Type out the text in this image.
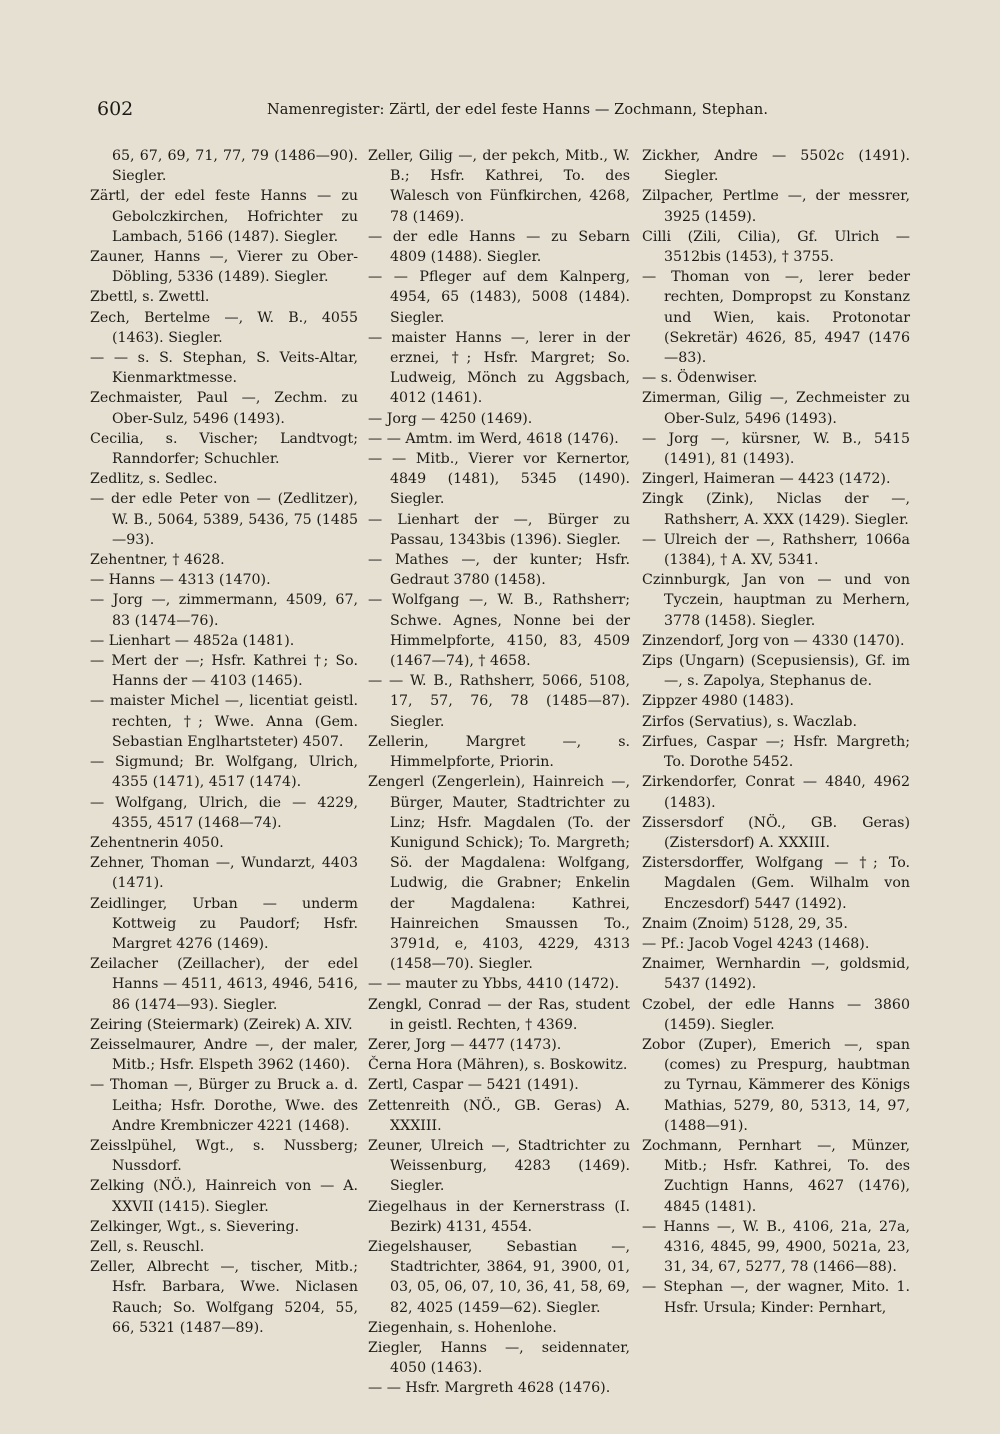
602	Namenregister: Zärtl, der edel feste Hanns — Zochmann, Stephan.

65, 67, 69, 71, 77, 79 (1486—90). Siegler.

Zärtl, der edel feste Hanns — zu Gebolczkirchen, Hofrichter zu Lambach, 5166 (1487). Siegler.

Zauner, Hanns —, Vierer zu Ober-Döbling, 5336 (1489). Siegler.

Zbettl, s. Zwettl.

Zech, Bertelme —, W. B., 4055 (1463). Siegler.

— — s. S. Stephan, S. Veits-Altar, Kienmarktmesse.

Zechmaister, Paul —, Zechm. zu Ober-Sulz, 5496 (1493).

Cecilia, s. Vischer; Landtvogt; Ranndorfer; Schuchler.

Zedlitz, s. Sedlec.

— der edle Peter von — (Zedlitzer), W. B., 5064, 5389, 5436, 75 (1485—93).

Zehentner, † 4628.

— Hanns — 4313 (1470).

— Jorg —, zimmermann, 4509, 67, 83 (1474—76).

— Lienhart — 4852a (1481).

— Mert der —; Hsfr. Kathrei †; So. Hanns der — 4103 (1465).

— maister Michel —, licentiat geistl. rechten, †; Wwe. Anna (Gem. Sebastian Englhartsteter) 4507.

— Sigmund; Br. Wolfgang, Ulrich, 4355 (1471), 4517 (1474).

— Wolfgang, Ulrich, die — 4229, 4355, 4517 (1468—74).

Zehentnerin 4050.

Zehner, Thoman —, Wundarzt, 4403 (1471).

Zeidlinger, Urban — underm Kottweig zu Paudorf; Hsfr. Margret 4276 (1469).

Zeilacher (Zeillacher), der edel Hanns — 4511, 4613, 4946, 5416, 86 (1474—93). Siegler.

Zeiring (Steiermark) (Zeirek) A. XIV.

Zeisselmaurer, Andre —, der maler, Mitb.; Hsfr. Elspeth 3962 (1460).

— Thoman —, Bürger zu Bruck a. d. Leitha; Hsfr. Dorothe, Wwe. des Andre Krembniczer 4221 (1468).

Zeisslpühel, Wgt., s. Nussberg; Nussdorf.

Zelking (NÖ.), Hainreich von — A. XXVII (1415). Siegler.

Zelkinger, Wgt., s. Sievering.

Zell, s. Reuschl.

Zeller, Albrecht —, tischer, Mitb.; Hsfr. Barbara, Wwe. Niclasen Rauch; So. Wolfgang 5204, 55, 66, 5321 (1487—89).

Zeller, Gilig —, der pekch, Mitb., W. B.; Hsfr. Kathrei, To. des Walesch von Fünfkirchen, 4268, 78 (1469).

— der edle Hanns — zu Sebarn 4809 (1488). Siegler.

— — Pfleger auf dem Kalnperg, 4954, 65 (1483), 5008 (1484). Siegler.

— maister Hanns —, lerer in der erznei, †; Hsfr. Margret; So. Ludweig, Mönch zu Aggsbach, 4012 (1461).

— Jorg — 4250 (1469).

— — Amtm. im Werd, 4618 (1476).

— — Mitb., Vierer vor Kernertor, 4849 (1481), 5345 (1490). Siegler.

— Lienhart der —, Bürger zu Passau, 1343bis (1396). Siegler.

— Mathes —, der kunter; Hsfr. Gedraut 3780 (1458).

— Wolfgang —, W. B., Rathsherr; Schwe. Agnes, Nonne bei der Himmelpforte, 4150, 83, 4509 (1467—74), † 4658.

— — W. B., Rathsherr, 5066, 5108, 17, 57, 76, 78 (1485—87). Siegler.

Zellerin, Margret —, s. Himmelpforte, Priorin.

Zengerl (Zengerlein), Hainreich —, Bürger, Mauter, Stadtrichter zu Linz; Hsfr. Magdalen (To. der Kunigund Schick); To. Margreth; Sö. der Magdalena: Wolfgang, Ludwig, die Grabner; Enkelin der Magdalena: Kathrei, Hainreichen Smaussen To., 3791d, e, 4103, 4229, 4313 (1458—70). Siegler.

— — mauter zu Ybbs, 4410 (1472).

Zengkl, Conrad — der Ras, student in geistl. Rechten, † 4369.

Zerer, Jorg — 4477 (1473).

Černa Hora (Mähren), s. Boskowitz.

Zertl, Caspar — 5421 (1491).

Zettenreith (NÖ., GB. Geras) A. XXXIII.

Zeuner, Ulreich —, Stadtrichter zu Weissenburg, 4283 (1469). Siegler.

Ziegelhaus in der Kernerstrass (I. Bezirk) 4131, 4554.

Ziegelshauser, Sebastian —, Stadtrichter, 3864, 91, 3900, 01, 03, 05, 06, 07, 10, 36, 41, 58, 69, 82, 4025 (1459—62). Siegler.

Ziegenhain, s. Hohenlohe.

Ziegler, Hanns —, seidennater, 4050 (1463).

— — Hsfr. Margreth 4628 (1476).

Zickher, Andre — 5502c (1491). Siegler.

Zilpacher, Pertlme —, der messrer, 3925 (1459).

Cilli (Zili, Cilia), Gf. Ulrich — 3512bis (1453), † 3755.

— Thoman von —, lerer beder rechten, Dompropst zu Konstanz und Wien, kais. Protonotar (Sekretär) 4626, 85, 4947 (1476—83).

— s. Ödenwiser.

Zimerman, Gilig —, Zechmeister zu Ober-Sulz, 5496 (1493).

— Jorg —, kürsner, W. B., 5415 (1491), 81 (1493).

Zingerl, Haimeran — 4423 (1472).

Zingk (Zink), Niclas der —, Rathsherr, A. XXX (1429). Siegler.

— Ulreich der —, Rathsherr, 1066a (1384), † A. XV, 5341.

Czinnburgk, Jan von — und von Tyczein, hauptman zu Merhern, 3778 (1458). Siegler.

Zinzendorf, Jorg von — 4330 (1470).

Zips (Ungarn) (Scepusiensis), Gf. im —, s. Zapolya, Stephanus de.

Zippzer 4980 (1483).

Zirfos (Servatius), s. Waczlab.

Zirfues, Caspar —; Hsfr. Margreth; To. Dorothe 5452.

Zirkendorfer, Conrat — 4840, 4962 (1483).

Zissersdorf (NÖ., GB. Geras) (Zistersdorf) A. XXXIII.

Zistersdorffer, Wolfgang — †; To. Magdalen (Gem. Wilhalm von Enczesdorf) 5447 (1492).

Znaim (Znoim) 5128, 29, 35.

— Pf.: Jacob Vogel 4243 (1468).

Znaimer, Wernhardin —, goldsmid, 5437 (1492).

Czobel, der edle Hanns — 3860 (1459). Siegler.

Zobor (Zuper), Emerich —, span (comes) zu Prespurg, haubtman zu Tyrnau, Kämmerer des Königs Mathias, 5279, 80, 5313, 14, 97, (1488—91).

Zochmann, Pernhart —, Münzer, Mitb.; Hsfr. Kathrei, To. des Zuchtign Hanns, 4627 (1476), 4845 (1481).

— Hanns —, W. B., 4106, 21a, 27a, 4316, 4845, 99, 4900, 5021a, 23, 31, 34, 67, 5277, 78 (1466—88).

— Stephan —, der wagner, Mito. 1. Hsfr. Ursula; Kinder: Pernhart,
